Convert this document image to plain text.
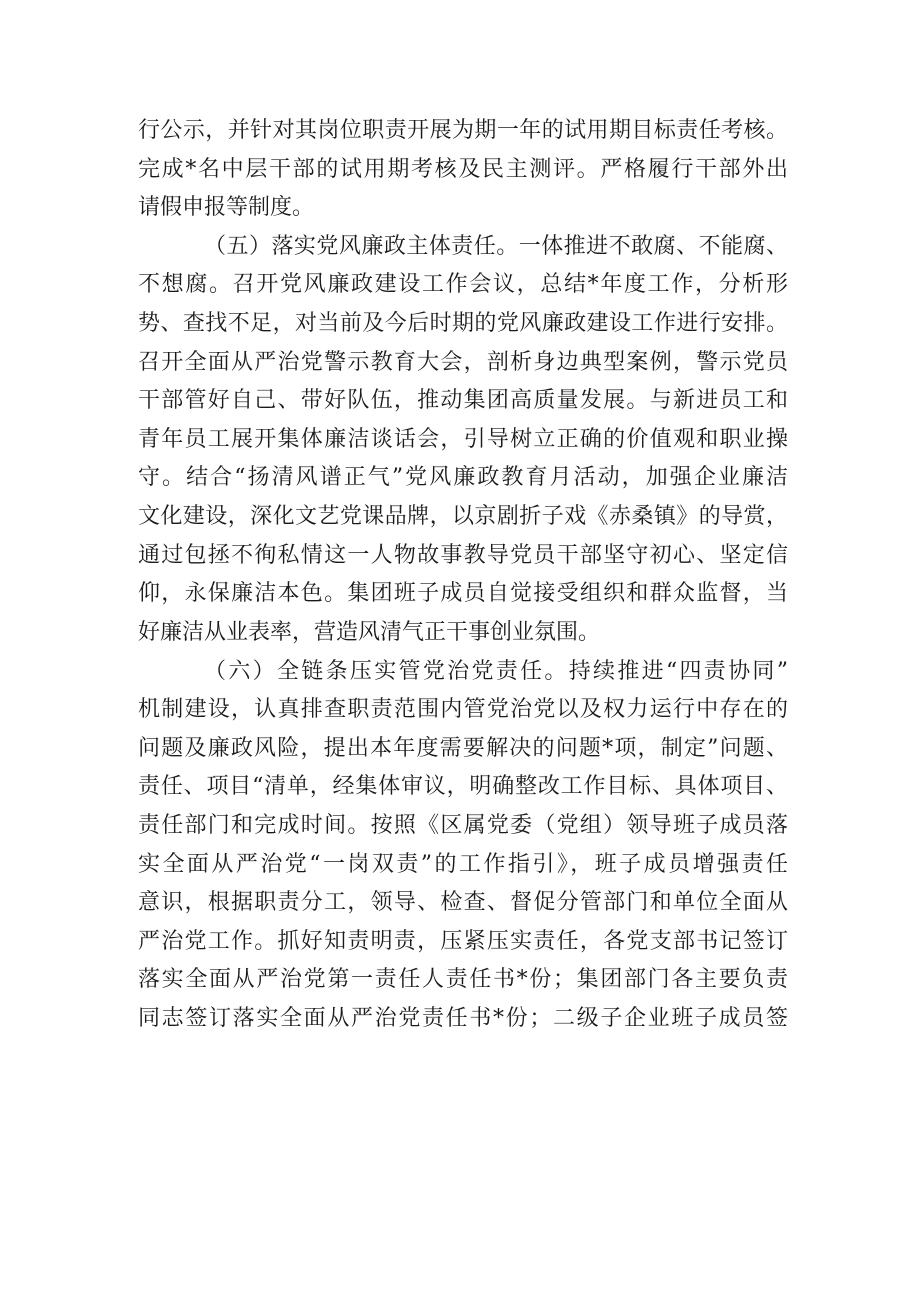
行公示，并针对其岗位职责开展为期一年的试用期目标责任考核。
完成*名中层干部的试用期考核及民主测评。严格履行干部外出
请假申报等制度。
（五）落实党风廉政主体责任。一体推进不敢腐、不能腐、
不想腐。召开党风廉政建设工作会议，总结*年度工作，分析形
势、查找不足，对当前及今后时期的党风廉政建设工作进行安排。
召开全面从严治党警示教育大会，剖析身边典型案例，警示党员
干部管好自己、带好队伍，推动集团高质量发展。与新进员工和
青年员工展开集体廉洁谈话会，引导树立正确的价值观和职业操
守。结合“扬清风谱正气”党风廉政教育月活动，加强企业廉洁
文化建设，深化文艺党课品牌，以京剧折子戏《赤桑镇》的导赏，
通过包拯不徇私情这一人物故事教导党员干部坚守初心、坚定信
仰，永保廉洁本色。集团班子成员自觉接受组织和群众监督，当
好廉洁从业表率，营造风清气正干事创业氛围。
（六）全链条压实管党治党责任。持续推进“四责协同”
机制建设，认真排查职责范围内管党治党以及权力运行中存在的
问题及廉政风险，提出本年度需要解决的问题*项，制定”问题、
责任、项目“清单，经集体审议，明确整改工作目标、具体项目、
责任部门和完成时间。按照《区属党委（党组）领导班子成员落
实全面从严治党“一岗双责”的工作指引》，班子成员增强责任
意识，根据职责分工，领导、检查、督促分管部门和单位全面从
严治党工作。抓好知责明责，压紧压实责任，各党支部书记签订
落实全面从严治党第一责任人责任书*份；集团部门各主要负责
同志签订落实全面从严治党责任书*份；二级子企业班子成员签
